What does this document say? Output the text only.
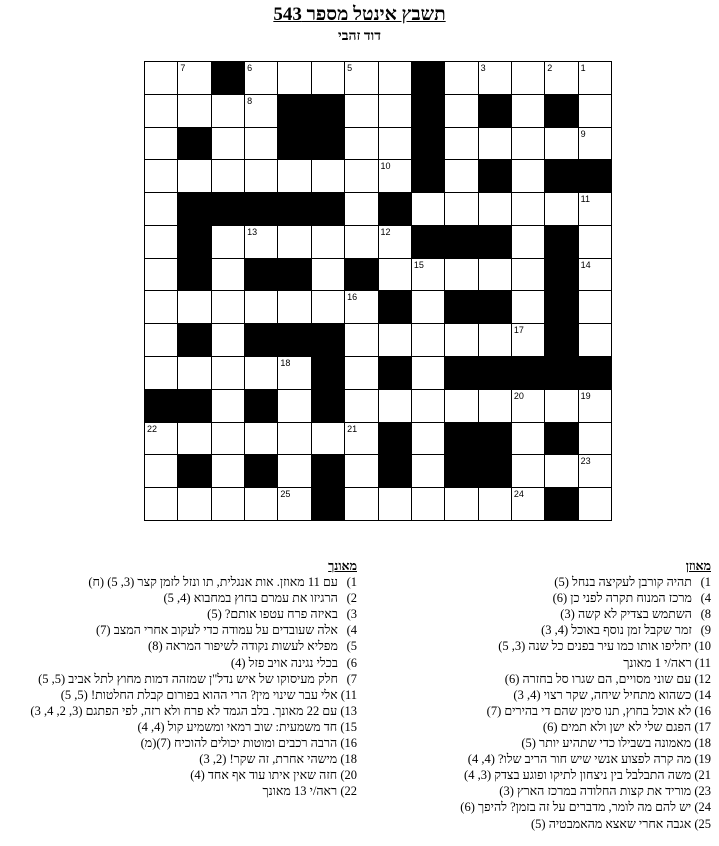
תשבץ אינטל מספר 543
דוד זהבי
7	6	5	4	3	2	1
8
9
10
11
13	12
15	14
16
17
18
20	19
22	21
23
25	24
מאוזן
1) תהיה קורבן לעקיצה בנחל (5)
4) מרכז המנוח תקרה לפני כן (6)
8) השתמש בצדיק לא קשה (3)
9) זמר שקבל זמן נוסף באוכל (4, 3)
10) יחליפו אותו כמו עיר בפנים כל שנה (3, 5)
11) ראה/י 1 מאונך
12) עם שוני מסויים, הם שגרו סל בחזרה (6)
14) כשהוא מתחיל שיחה, שקר רצוי (4, 3)
16) לא אוכל בחוץ, תנו סימן שהם די בהירים (7)
17) הפגם שלי לא ישן ולא תמים (6)
18) מאמונה בשבילו כדי שתהיע יותר (5)
19) מה קרה לפצוע אנשי שיש חור הריב שלו? (4, 4)
21) משה התבלבל בין ניצחון לתיקו ופוגע בצדק (3, 4)
23) מוריד את קצות החלודה במרכז הארץ (3)
24) יש להם מה לומר, מדברים על זה בזמן? להיפך (6)
25) אגבה אחרי שאצא מהאמבטיה (5)
מאונך
1) עם 11 מאוזן. אות אנגלית, תו ונזל לזמן קצר (3, 5) (ח)
2) הרגיזו את עמרם בחוץ במחבוא (4, 5)
3) באיזה פרח עטפו אותם? (5)
4) אלה שעובדים על עמודה כדי לעקוב אחרי המצב (7)
5) מפליא לעשות נקודה לשיפור המראה (8)
6) בכלי נגינה אויב פזל (4)
7) חלק מעיסוקו של איש נדל"ן שמזהה דמות מחוץ לתל אביב (5, 5)
11) אלי עבר שינוי מין? הרי ההוא בפורום קבלת החלטות! (5, 5)
13) עם 22 מאונך. בלב הגמד לא פרח ולא רזה, לפי הפתגם (3, 2, 4, 3)
15) חד משמעית: שוב רמאי ומשמיע קול (4, 4)
16) הרבה רכבים ומוטות יכולים להוכיח (7)(מ)
18) מישהי אחרת, זה שקר! (2, 3)
20) חזה שאין איתו עוד אף אחד (4)
22) ראה/י 13 מאונך
